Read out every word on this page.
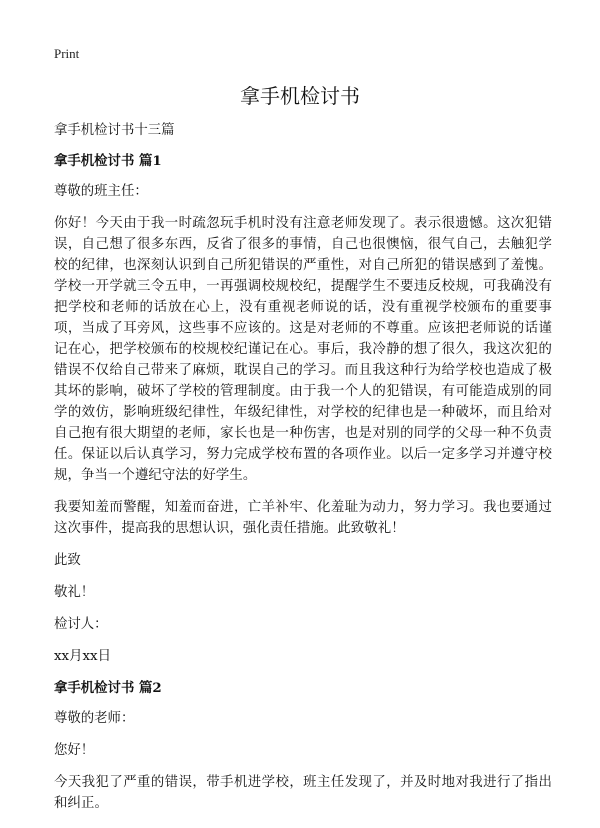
Print
拿手机检讨书

拿手机检讨书十三篇

拿手机检讨书 篇1

尊敬的班主任：

你好！今天由于我一时疏忽玩手机时没有注意老师发现了。表示很遗憾。这次犯错误，自己想了很多东西，反省了很多的事情，自己也很懊恼，很气自己，去触犯学校的纪律，也深刻认识到自己所犯错误的严重性，对自己所犯的错误感到了羞愧。学校一开学就三令五申，一再强调校规校纪，提醒学生不要违反校规，可我确没有把学校和老师的话放在心上，没有重视老师说的话，没有重视学校颁布的重要事项，当成了耳旁风，这些事不应该的。这是对老师的不尊重。应该把老师说的话谨记在心，把学校颁布的校规校纪谨记在心。事后，我冷静的想了很久，我这次犯的错误不仅给自己带来了麻烦，耽误自己的学习。而且我这种行为给学校也造成了极其坏的影响，破坏了学校的管理制度。由于我一个人的犯错误，有可能造成别的同学的效仿，影响班级纪律性，年级纪律性，对学校的纪律也是一种破坏，而且给对自己抱有很大期望的老师，家长也是一种伤害，也是对别的同学的父母一种不负责任。保证以后认真学习，努力完成学校布置的各项作业。以后一定多学习并遵守校规，争当一个遵纪守法的好学生。

我要知羞而警醒，知羞而奋进，亡羊补牢、化羞耻为动力，努力学习。我也要通过这次事件，提高我的思想认识，强化责任措施。此致敬礼！

此致

敬礼！

检讨人：

xx月xx日

拿手机检讨书 篇2

尊敬的老师：

您好！

今天我犯了严重的错误，带手机进学校，班主任发现了，并及时地对我进行了指出和纠正。
